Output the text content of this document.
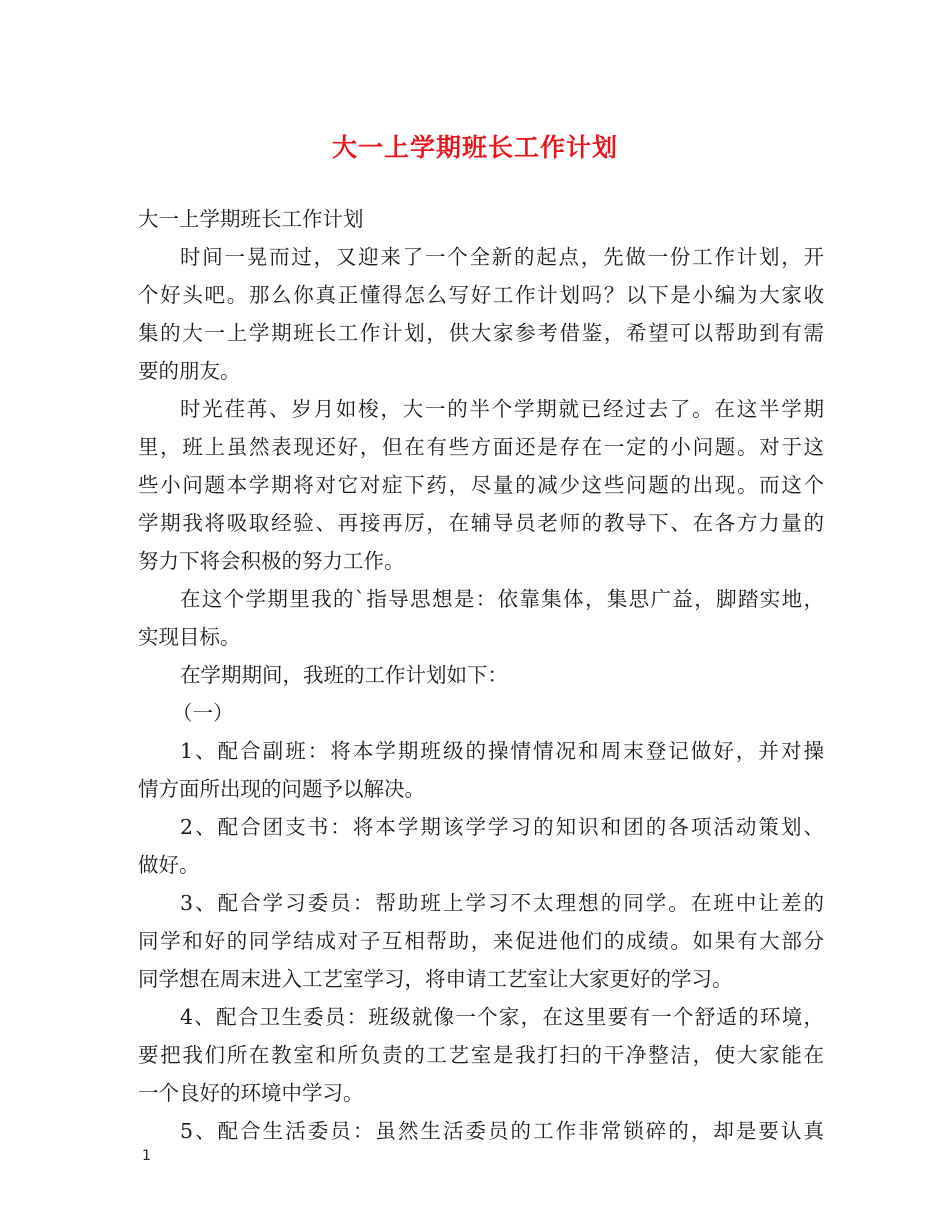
大一上学期班长工作计划
大一上学期班长工作计划
时间一晃而过，又迎来了一个全新的起点，先做一份工作计划，开
个好头吧。那么你真正懂得怎么写好工作计划吗？以下是小编为大家收
集的大一上学期班长工作计划，供大家参考借鉴，希望可以帮助到有需
要的朋友。
时光荏苒、岁月如梭，大一的半个学期就已经过去了。在这半学期
里，班上虽然表现还好，但在有些方面还是存在一定的小问题。对于这
些小问题本学期将对它对症下药，尽量的减少这些问题的出现。而这个
学期我将吸取经验、再接再厉，在辅导员老师的教导下、在各方力量的
努力下将会积极的努力工作。
在这个学期里我的`指导思想是：依靠集体，集思广益，脚踏实地，
实现目标。
在学期期间，我班的工作计划如下：
（一）
1、配合副班：将本学期班级的操情情况和周末登记做好，并对操
情方面所出现的问题予以解决。
2、配合团支书：将本学期该学学习的知识和团的各项活动策划、
做好。
3、配合学习委员：帮助班上学习不太理想的同学。在班中让差的
同学和好的同学结成对子互相帮助，来促进他们的成绩。如果有大部分
同学想在周末进入工艺室学习，将申请工艺室让大家更好的学习。
4、配合卫生委员：班级就像一个家，在这里要有一个舒适的环境，
要把我们所在教室和所负责的工艺室是我打扫的干净整洁，使大家能在
一个良好的环境中学习。
5、配合生活委员：虽然生活委员的工作非常锁碎的，却是要认真
1
